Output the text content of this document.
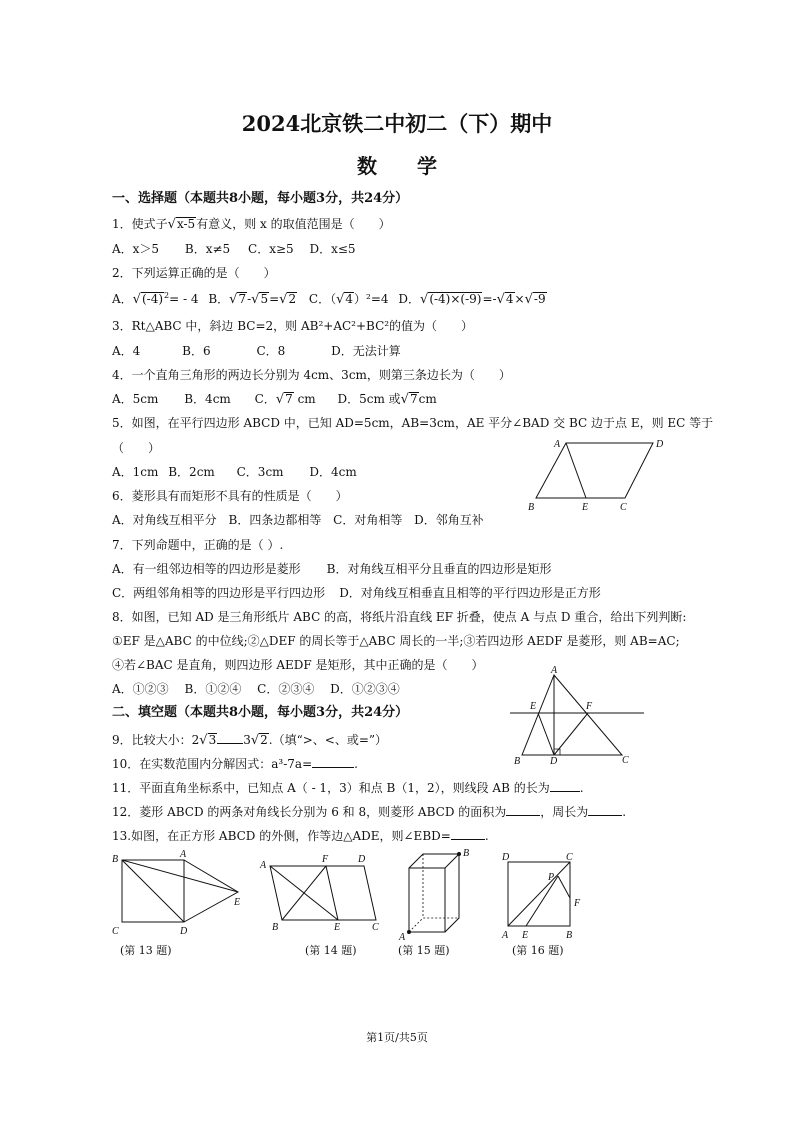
2024北京铁二中初二（下）期中
数　　学
一、选择题（本题共8小题，每小题3分，共24分）
1．使式子√x-5有意义，则 x 的取值范围是（　　）
A．x＞5 B．x≠5 C．x≥5 D．x≤5
2．下列运算正确的是（　　）
A．$√(-4)^2= - 4$ B．√7-√5=√2 C．（√4）²=4 D．√(-4)×(-9)=-√4×√-9
3．Rt△ABC 中，斜边 BC=2，则 AB²+AC²+BC²的值为（　　）
A．4	B．6	C．8	D．无法计算
4．一个直角三角形的两边长分别为 4cm、3cm，则第三条边长为（　　）
A．5cm B．4cm C．√7 cm D．5cm 或√7cm
5．如图，在平行四边形 ABCD 中，已知 AD=5cm，AB=3cm，AE 平分∠BAD 交 BC 边于点 E，则 EC 等于
（　　）
A．1cm B．2cm C．3cm D．4cm
A	D
B	E	C
6．菱形具有而矩形不具有的性质是（　　）
A．对角线互相平分 B．四条边都相等 C．对角相等 D．邻角互补
7．下列命题中，正确的是（ ）.
A．有一组邻边相等的四边形是菱形 B．对角线互相平分且垂直的四边形是矩形
C．两组邻角相等的四边形是平行四边形 D．对角线互相垂直且相等的平行四边形是正方形
8．如图，已知 AD 是三角形纸片 ABC 的高，将纸片沿直线 EF 折叠，使点 A 与点 D 重合，给出下列判断:
①EF 是△ABC 的中位线;②△DEF 的周长等于△ABC 周长的一半;③若四边形 AEDF 是菱形，则 AB=AC;
④若∠BAC 是直角，则四边形 AEDF 是矩形，其中正确的是（　　）
A．①②③ B．①②④ C．②③④ D．①②③④
A
E	F
B	D	C
二、填空题（本题共8小题，每小题3分，共24分）
9．比较大小：2√3 3√2.（填“>、<、或=”）
10．在实数范围内分解因式：a³-7a=	.
11．平面直角坐标系中，已知点 A（ - 1，3）和点 B（1，2），则线段 AB 的长为	.
12．菱形 ABCD 的两条对角线长分别为 6 和 8，则菱形 ABCD 的面积为	，周长为	.
13.如图，在正方形 ABCD 的外侧，作等边△ADE，则∠EBD=	.
B	A
E
C	D
(第 13 题)
A
F	D
B	E	C
(第 14 题)
B
A
(第 15 题)
D	C
P
F
A E	B
(第 16 题)
第1页/共5页
